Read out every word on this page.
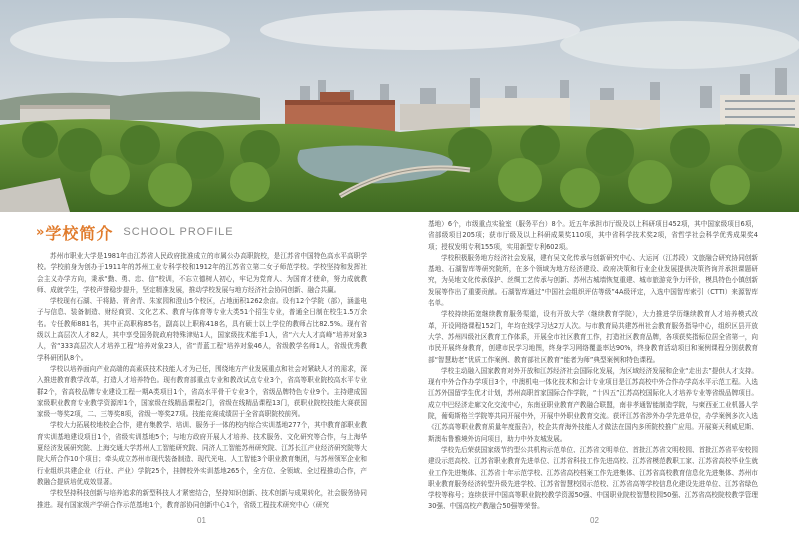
» 学校简介 SCHOOL PROFILE

苏州市职业大学是1981年由江苏省人民政府批准成立的市属公办高职院校，是江苏省中国特色高水平高职学校。学校前身为创办于1911年的苏州工业专科学校和1912年的江苏省立第二女子师范学校。学校坚持和发挥社会主义办学方向，秉承“勤、勇、忠、信”校训，不忘立德树人初心，牢记为党育人、为国育才使命，努力成就教师、成就学生，学校声誉稳步提升，坚定精准发展，推动学校发展与地方经济社会协同创新、融合共赢。

学校现有石湖、干将路、胥舍青、朱家园和澄山5个校区，占地面积1262余亩。设有12个学院（部），涵盖电子与信息、装备制造、财经商贸、文化艺术、教育与体育等专业大类51个招生专业，普通全日制在校生1.5万余名。专任教师881名，其中正高职称85名，副高以上职称418名，具有硕士以上学位的教师占比82.5%。现有省级以上高层次人才82人，其中享受国务院政府特殊津贴1人，国家级技术能手1人，省“六大人才高峰”培养对象3人，省“333高层次人才培养工程”培养对象23人，省“青蓝工程”培养对象46人，省级教学名师1人，省级优秀教学科研团队8个。

学校以培养面向产业高端的高素质技术技能人才为己任，围绕地方产业发展重点和社会对紧缺人才的需求，深入推进教育教学改革，打造人才培养特色。现有教育部重点专业和教改试点专业3个，省高等职业院校高水平专业群2个，省高校品牌专业建设工程一期A类项目1个，省高水平骨干专业3个，省级品牌特色专业9个。主持建成国家级职业教育专业教学资源库1个，国家级在线精品课程2门，省级在线精品课程13门，获职业院校技能大赛获国家级一等奖2项，二、三等奖8项，省级一等奖27项。技能竞赛成绩居于全省高职院校前列。

学校大力拓展校地校企合作，建有集教学、培训、服务于一体的校内综合实训基地277个，其中教育部职业教育实训基地建设项目1个，省级实训基地5个；与地方政府开展人才培养、技术服务、文化研究等合作，与上海华夏经济发展研究院、上海交通大学苏州人工智能研究院、同济人工智能苏州研究院、江苏长江产业经济研究院等大院大所合作10个项目；牵头成立苏州市现代装备制造、现代光电、人工智能3个职业教育集团，与苏州领军企业和行业组织共建企业（行业、产业）学院25个，挂牌校外实训基地265个，全方位、全领域、全过程推动合作，产教融合提质培优成效显著。

学校坚持科技创新与培养追求的新型科技人才紧密结合，坚持知识创新、技术创新与成果转化，社会服务协同推进。现有国家级产学研合作示范基地1个，教育部协同创新中心1个，省级工程技术研究中心（研究

基地）6个，市级重点实验室（服务平台）8个。近五年承担市厅级及以上科研项目452项，其中国家级项目6项，省部级项目205项；获市厅级及以上科研成果奖110项，其中省科学技术奖2项，省哲学社会科学优秀成果奖4项；授权发明专利155项，实用新型专利602项。

学校积极服务地方经济社会发展，建有吴文化传承与创新研究中心、大运河（江苏段）文旅融合研究协同创新基地、石湖智库等研究院所，在多个领域为地方经济建设、政府决策和行业企业发展提供决策咨询并承担课题研究，为吴地文化传承保护、丝绸工艺传承与创新、苏州古城墙恢复重建、城市旅游竞争力评价，模具特色小镇创新发展等作出了重要贡献。石湖智库通过“中国社会组织评估等级”4A级评定，入选中国智库索引（CTTI）来源智库名单。

学校持续拓宽继续教育服务渠道，设有开放大学（继续教育学院），大力推进学历继续教育人才培养模式改革，开设网络课程152门，年均在线学习达2万人次。与市教育局共建苏州社会教育服务指导中心，组织区县开放大学、苏州四级社区教育工作体系，开展全市社区教育工作，打造社区教育品牌，各项获奖指标位居全省第一，向市民开展终身教育，创建市民学习地图，终身学习网络覆盖率达90%，终身教育活动项目和案例课程分别获教育部“智慧助老”优质工作案例、教育部社区教育“能者为师”典型案例和特色课程。

学校主动融入国家教育对外开放和江苏经济社会国际化发展，为区域经济发展和企业“走出去”提供人才支持。现有中外合作办学项目3个，中澳机电一体化技术和会计专业项目是江苏高校中外合作办学高水平示范工程。入选江苏外国留学生优才计划，苏州高职首家国际合作学院，“十四五”江苏高校国际化人才培养专业等省级品牌项目。成立中巴经济走廊文化交流中心，东南亚职业教育产教融合联盟，南非孝通智能制造学院，与柬西亚工业机器人学院，葡萄斯格兰学院等共同开展中外，开展中外职业教育交流。获评江苏省涉外办学先进单位，办学案例多次入选《江苏高等职业教育质量年度报告》，校企共育海外技能人才做法在国内多所院校推广应用。开展赛天利威尼斯、斯澳布鲁雅境外访问项目，助力中外友城发展。

学校先后荣获国家级节约型公共机构示范单位、江苏省文明单位、首批江苏省文明校园、首批江苏省平安校园建设示范高校、江苏省职业教育先进单位、江苏省科技工作先进高校、江苏省模范教职工家、江苏省高校毕业生就业工作先进集体、江苏省十年示范学校、江苏省高校档案工作先进集体、江苏省高校教育信息化先进集体、苏州市职业教育服务经济转型升级先进学校、江苏省智慧校园示范校、江苏省高等学校信息化建设先进单位、江苏省绿色学校等称号；连续获评中国高等职业院校教学资源50强、中国职业院校智慧校园50强、江苏省高校院校教学管理30强、中国高校产教融合50强等荣誉。

01	02
